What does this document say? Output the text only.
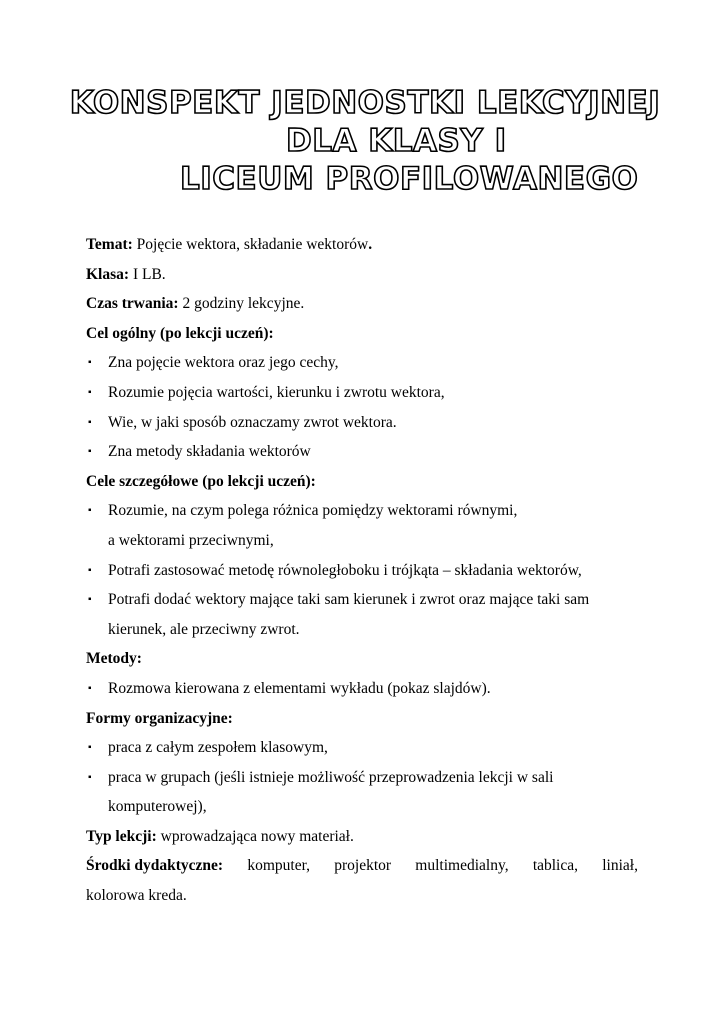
KONSPEKT JEDNOSTKI LEKCYJNEJ
DLA KLASY I
LICEUM PROFILOWANEGO
Temat: Pojęcie wektora, składanie wektorów.
Klasa: I LB.
Czas trwania: 2 godziny lekcyjne.
Cel ogólny (po lekcji uczeń):
▪ Zna pojęcie wektora oraz jego cechy,
▪ Rozumie pojęcia wartości, kierunku i zwrotu wektora,
▪ Wie, w jaki sposób oznaczamy zwrot wektora.
▪ Zna metody składania wektorów
Cele szczegółowe (po lekcji uczeń):
▪ Rozumie, na czym polega różnica pomiędzy wektorami równymi,
a wektorami przeciwnymi,
▪ Potrafi zastosować metodę równoległoboku i trójkąta – składania wektorów,
▪ Potrafi dodać wektory mające taki sam kierunek i zwrot oraz mające taki sam
kierunek, ale przeciwny zwrot.
Metody:
▪ Rozmowa kierowana z elementami wykładu (pokaz slajdów).
Formy organizacyjne:
▪ praca z całym zespołem klasowym,
▪ praca w grupach (jeśli istnieje możliwość przeprowadzenia lekcji w sali
komputerowej),
Typ lekcji: wprowadzająca nowy materiał.
Środki dydaktyczne: komputer, projektor multimedialny, tablica, liniał,
kolorowa kreda.
